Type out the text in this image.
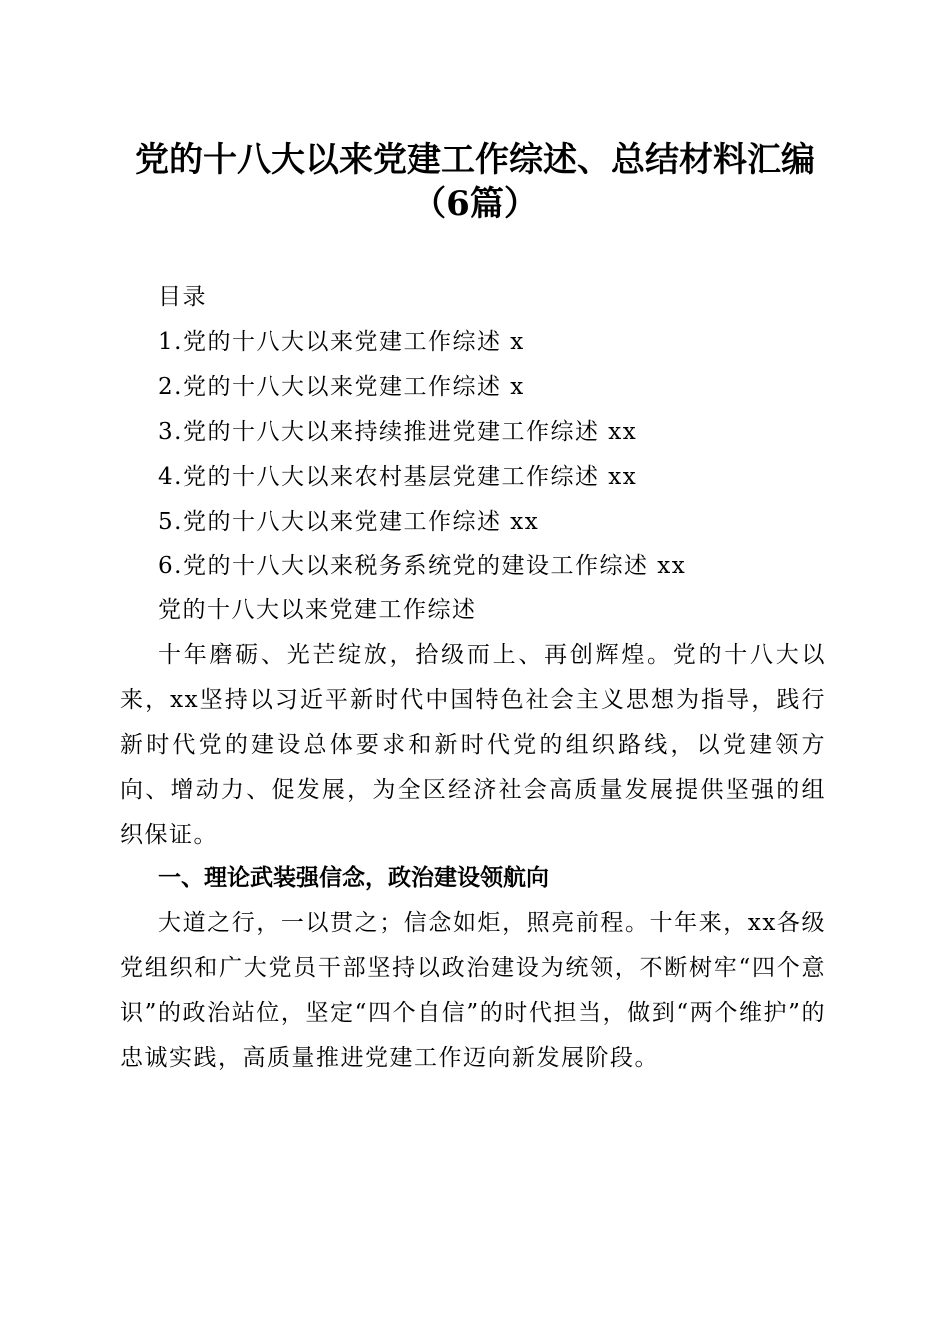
党的十八大以来党建工作综述、总结材料汇编
（6篇）

目录

1.党的十八大以来党建工作综述 x

2.党的十八大以来党建工作综述 x

3.党的十八大以来持续推进党建工作综述 xx

4.党的十八大以来农村基层党建工作综述 xx

5.党的十八大以来党建工作综述 xx

6.党的十八大以来税务系统党的建设工作综述 xx

党的十八大以来党建工作综述

十年磨砺、光芒绽放，拾级而上、再创辉煌。党的十八大以来，xx坚持以习近平新时代中国特色社会主义思想为指导，践行新时代党的建设总体要求和新时代党的组织路线，以党建领方向、增动力、促发展，为全区经济社会高质量发展提供坚强的组织保证。

一、理论武装强信念，政治建设领航向

大道之行，一以贯之；信念如炬，照亮前程。十年来，xx各级党组织和广大党员干部坚持以政治建设为统领，不断树牢“四个意识”的政治站位，坚定“四个自信”的时代担当，做到“两个维护”的忠诚实践，高质量推进党建工作迈向新发展阶段。
